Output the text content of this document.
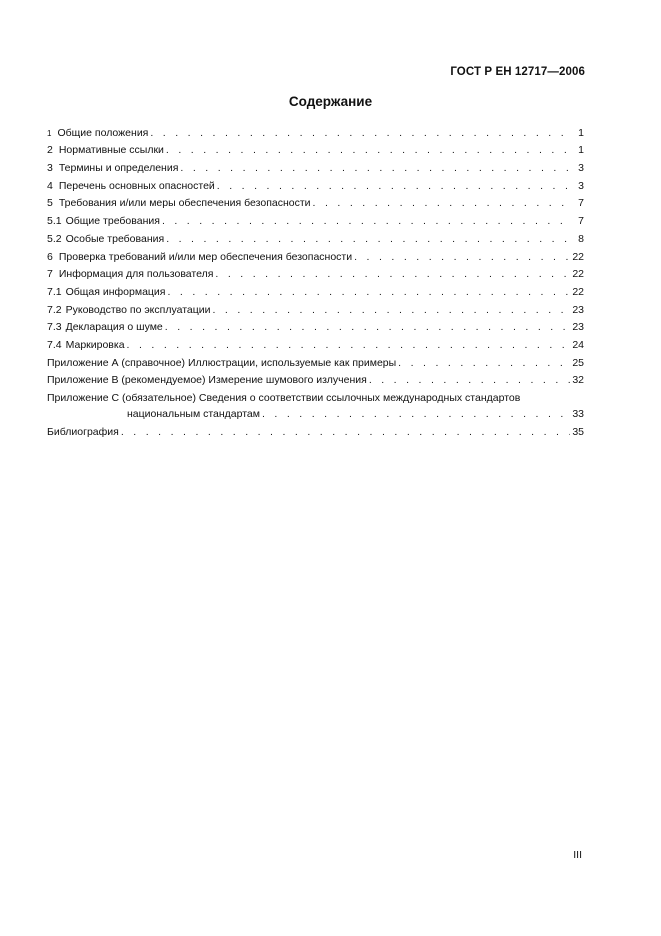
ГОСТ Р ЕН 12717—2006
Содержание
1 Общие положения . . .	1
2 Нормативные ссылки . . .	1
3 Термины и определения . . .	3
4 Перечень основных опасностей . . .	3
5 Требования и/или меры обеспечения безопасности . . .	7
5.1 Общие требования . . .	7
5.2 Особые требования . . .	8
6 Проверка требований и/или мер обеспечения безопасности . . .	22
7 Информация для пользователя . . .	22
7.1 Общая информация . . .	22
7.2 Руководство по эксплуатации . . .	23
7.3 Декларация о шуме . . .	23
7.4 Маркировка . . .	24
Приложение А (справочное) Иллюстрации, используемые как примеры . . .	25
Приложение В (рекомендуемое) Измерение шумового излучения . . .	32
Приложение С (обязательное) Сведения о соответствии ссылочных международных стандартов
национальным стандартам . . .	33
Библиография . . .	35
III
